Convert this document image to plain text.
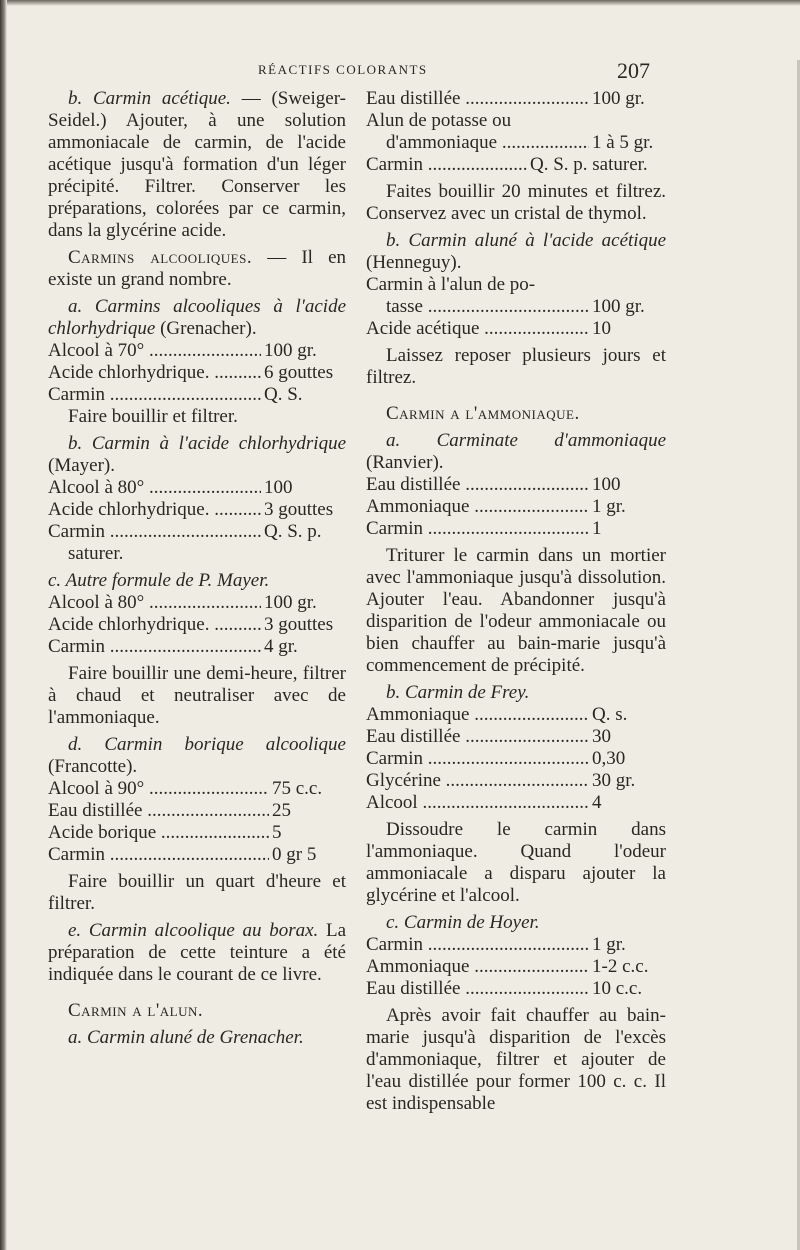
RÉACTIFS COLORANTS	207

b. Carmin acétique. — (Sweiger-Seidel.) Ajouter, à une solution ammoniacale de carmin, de l'acide acétique jusqu'à formation d'un léger précipité. Filtrer. Conserver les préparations, colorées par ce carmin, dans la glycérine acide.

Carmins alcooliques. — Il en existe un grand nombre.

a. Carmins alcooliques à l'acide chlorhydrique (Grenacher).

Alcool à 70° .....	100 gr.
Acide chlorhydrique. .....	6 gouttes
Carmin .....	Q. S.

Faire bouillir et filtrer.

b. Carmin à l'acide chlorhydrique (Mayer).

Alcool à 80° .....	100
Acide chlorhydrique. .....	3 gouttes
Carmin .....	Q. S. p.
saturer.

c. Autre formule de P. Mayer.

Alcool à 80° .....	100 gr.
Acide chlorhydrique. .....	3 gouttes
Carmin .....	4 gr.

Faire bouillir une demi-heure, filtrer à chaud et neutraliser avec de l'ammoniaque.

d. Carmin borique alcoolique (Francotte).

Alcool à 90° .....	75 c.c.
Eau distillée .....	25
Acide borique .....	5
Carmin .....	0 gr 5

Faire bouillir un quart d'heure et filtrer.

e. Carmin alcoolique au borax. La préparation de cette teinture a été indiquée dans le courant de ce livre.

Carmin a l'alun.

a. Carmin aluné de Grenacher.

Eau distillée .....	100 gr.
Alun de potasse ou
d'ammoniaque .....	1 à 5 gr.
Carmin .....	Q. S. p. saturer.

Faites bouillir 20 minutes et filtrez. Conservez avec un cristal de thymol.

b. Carmin aluné à l'acide acétique (Henneguy).

Carmin à l'alun de po-
tasse .....	100 gr.
Acide acétique .....	10

Laissez reposer plusieurs jours et filtrez.

Carmin a l'ammoniaque.

a. Carminate d'ammoniaque (Ranvier).

Eau distillée .....	100
Ammoniaque .....	1 gr.
Carmin .....	1

Triturer le carmin dans un mortier avec l'ammoniaque jusqu'à dissolution. Ajouter l'eau. Abandonner jusqu'à disparition de l'odeur ammoniacale ou bien chauffer au bain-marie jusqu'à commencement de précipité.

b. Carmin de Frey.

Ammoniaque .....	Q. s.
Eau distillée .....	30
Carmin .....	0,30
Glycérine .....	30 gr.
Alcool .....	4

Dissoudre le carmin dans l'ammoniaque. Quand l'odeur ammoniacale a disparu ajouter la glycérine et l'alcool.

c. Carmin de Hoyer.

Carmin .....	1 gr.
Ammoniaque .....	1-2 c.c.
Eau distillée .....	10 c.c.

Après avoir fait chauffer au bain-marie jusqu'à disparition de l'excès d'ammoniaque, filtrer et ajouter de l'eau distillée pour former 100 c. c. Il est indispensable
